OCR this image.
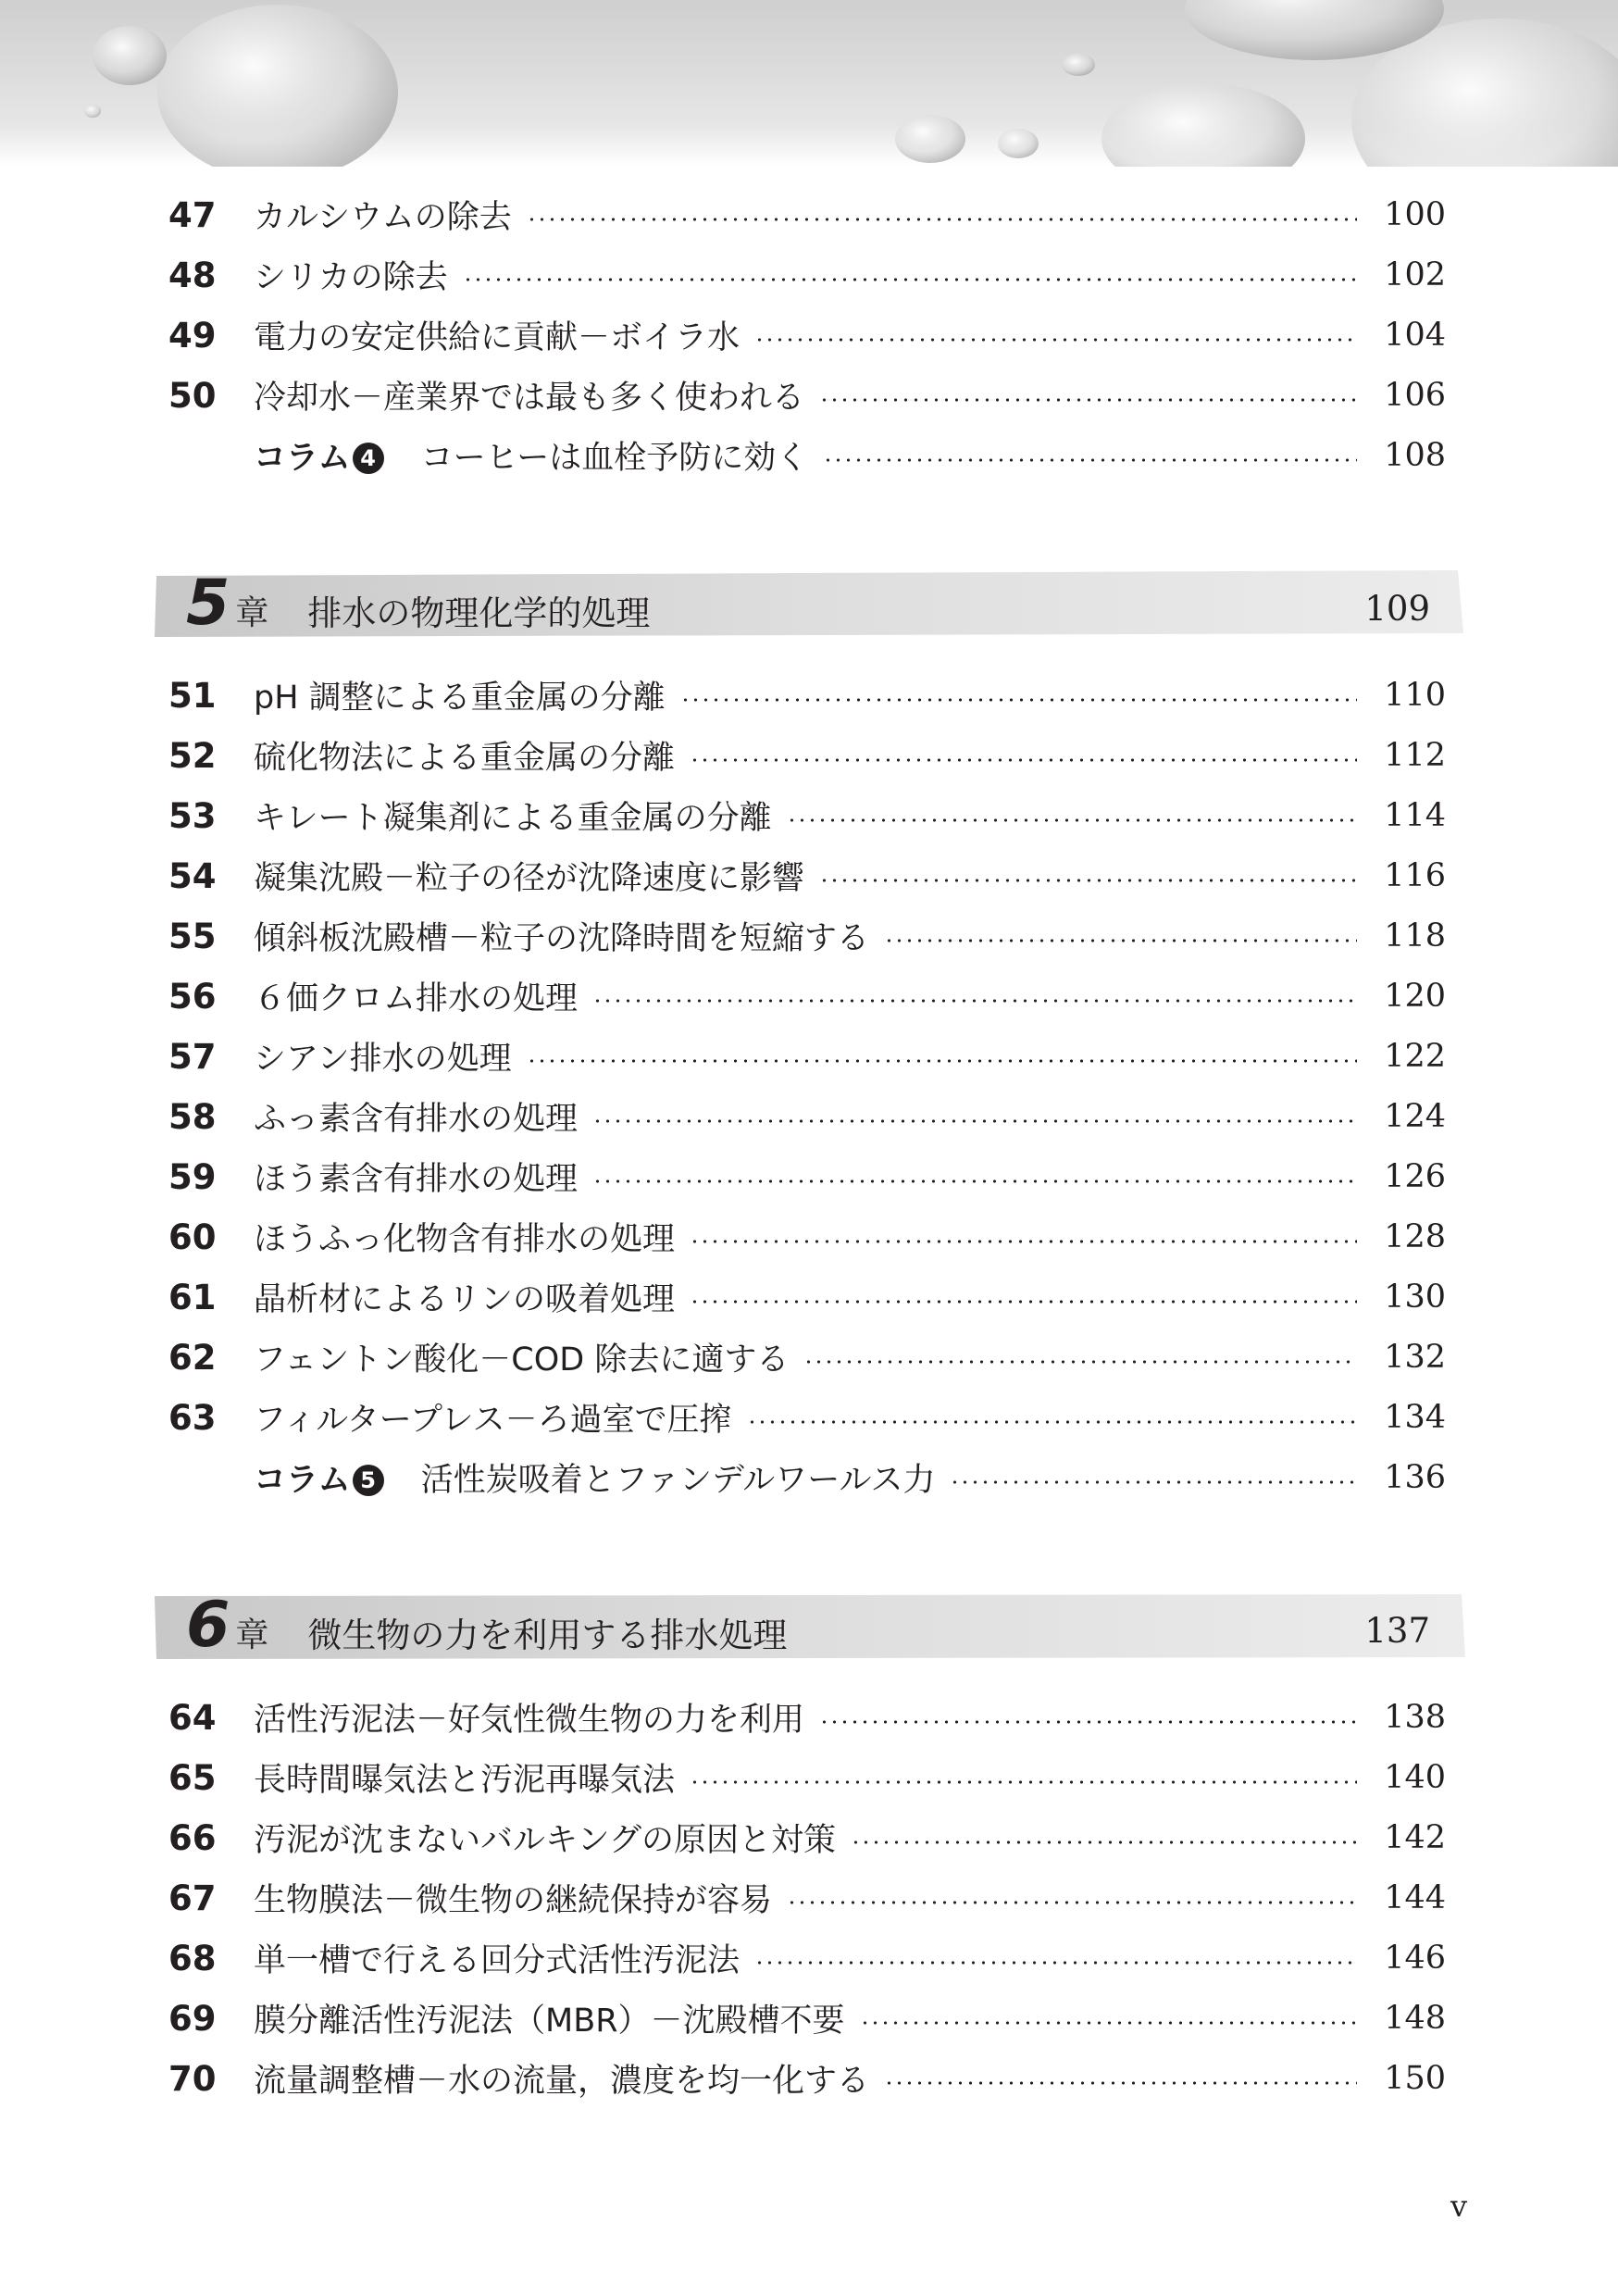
47	カルシウムの除去	100
48	シリカの除去	102
49	電力の安定供給に貢献－ボイラ水	104
50	冷却水－産業界では最も多く使われる	106
コラム 4 コーヒーは血栓予防に効く	108
5 章 排水の物理化学的処理	109
51	pH 調整による重金属の分離	110
52	硫化物法による重金属の分離	112
53	キレート凝集剤による重金属の分離	114
54	凝集沈殿－粒子の径が沈降速度に影響	116
55	傾斜板沈殿槽－粒子の沈降時間を短縮する	118
56	６価クロム排水の処理	120
57	シアン排水の処理	122
58	ふっ素含有排水の処理	124
59	ほう素含有排水の処理	126
60	ほうふっ化物含有排水の処理	128
61	晶析材によるリンの吸着処理	130
62	フェントン酸化－COD 除去に適する	132
63	フィルタープレス－ろ過室で圧搾	134
コラム 5 活性炭吸着とファンデルワールス力	136
6 章 微生物の力を利用する排水処理	137
64	活性汚泥法－好気性微生物の力を利用	138
65	長時間曝気法と汚泥再曝気法	140
66	汚泥が沈まないバルキングの原因と対策	142
67	生物膜法－微生物の継続保持が容易	144
68	単一槽で行える回分式活性汚泥法	146
69	膜分離活性汚泥法（MBR）－沈殿槽不要	148
70	流量調整槽－水の流量，濃度を均一化する	150
v
